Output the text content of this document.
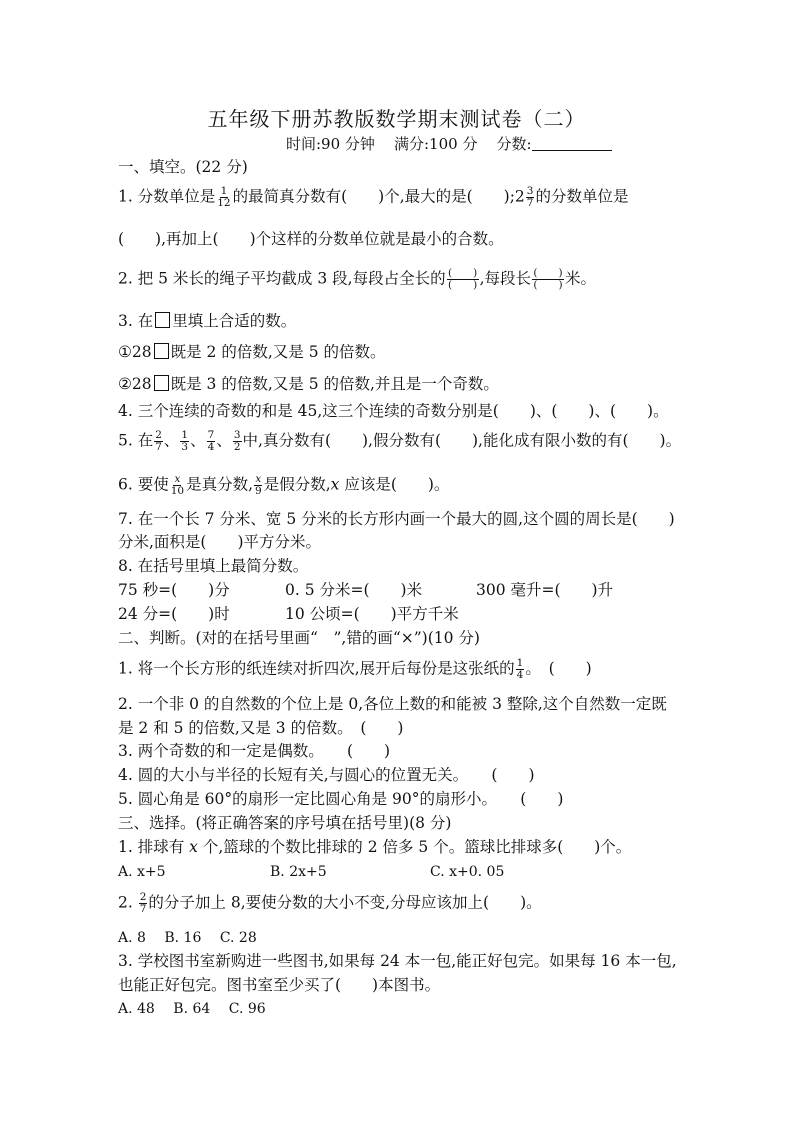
五年级下册苏教版数学期末测试卷（二）
时间:90 分钟 满分:100 分 分数:
一、填空。(22 分)
1. 分数单位是 $\frac{1}{12}$ 的最简真分数有(　　)个,最大的是(　　);2 $\frac{3}{7}$ 的分数单位是
(　　),再加上(　　)个这样的分数单位就是最小的合数。
2. 把 5 米长的绳子平均截成 3 段,每段占全长的 $\frac{( )}{( )}$ ,每段长 $\frac{( )}{( )}$ 米。
3. 在 里填上合适的数。
①28 既是 2 的倍数,又是 5 的倍数。
②28 既是 3 的倍数,又是 5 的倍数,并且是一个奇数。
4. 三个连续的奇数的和是 45,这三个连续的奇数分别是(　　)、(　　)、(　　)。
5. 在 $\frac{2}{7}$ 、 $\frac{1}{3}$ 、 $\frac{7}{4}$ 、 $\frac{3}{2}$ 中,真分数有(　　),假分数有(　　),能化成有限小数的有(　　)。
6. 要使 $\frac{x}{10}$ 是真分数, $\frac{x}{9}$ 是假分数,x 应该是(　　)。
7. 在一个长 7 分米、宽 5 分米的长方形内画一个最大的圆,这个圆的周长是(　　)
分米,面积是(　　)平方分米。
8. 在括号里填上最简分数。
75 秒=(　　)分	0. 5 分米=(　　)米	300 毫升=(　　)升
24 分=(　　)时	10 公顷=(　　)平方千米
二、判断。(对的在括号里画“　”,错的画“×”)(10 分)
1. 将一个长方形的纸连续对折四次,展开后每份是这张纸的 $\frac{1}{4}$ 。　(　　)
2. 一个非 0 的自然数的个位上是 0,各位上数的和能被 3 整除,这个自然数一定既
是 2 和 5 的倍数,又是 3 的倍数。　(　　)
3. 两个奇数的和一定是偶数。　　(　　)
4. 圆的大小与半径的长短有关,与圆心的位置无关。　　(　　)
5. 圆心角是 60°的扇形一定比圆心角是 90°的扇形小。　　(　　)
三、选择。(将正确答案的序号填在括号里)(8 分)
1. 排球有 x 个,篮球的个数比排球的 2 倍多 5 个。篮球比排球多(　　)个。
A. x+5	B. 2x+5	C. x+0. 05
2. $\frac{2}{7}$ 的分子加上 8,要使分数的大小不变,分母应该加上(　　)。
A. 8　 B. 16　 C. 28
3. 学校图书室新购进一些图书,如果每 24 本一包,能正好包完。如果每 16 本一包,
也能正好包完。图书室至少买了(　　)本图书。
A. 48　 B. 64　 C. 96
